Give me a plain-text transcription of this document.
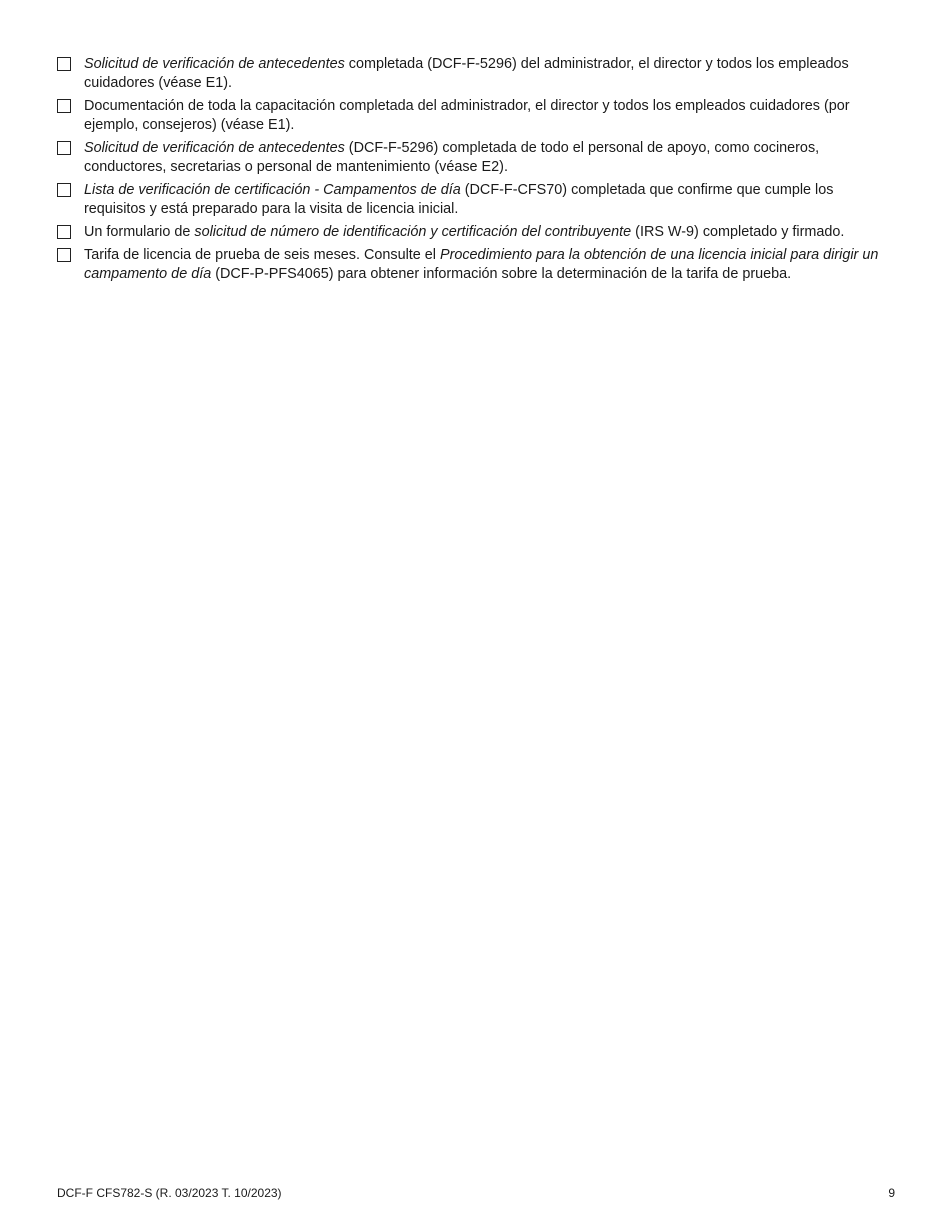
Solicitud de verificación de antecedentes completada (DCF-F-5296) del administrador, el director y todos los empleados cuidadores (véase E1).
Documentación de toda la capacitación completada del administrador, el director y todos los empleados cuidadores (por ejemplo, consejeros) (véase E1).
Solicitud de verificación de antecedentes (DCF-F-5296) completada de todo el personal de apoyo, como cocineros, conductores, secretarias o personal de mantenimiento (véase E2).
Lista de verificación de certificación - Campamentos de día (DCF-F-CFS70) completada que confirme que cumple los requisitos y está preparado para la visita de licencia inicial.
Un formulario de solicitud de número de identificación y certificación del contribuyente (IRS W-9) completado y firmado.
Tarifa de licencia de prueba de seis meses. Consulte el Procedimiento para la obtención de una licencia inicial para dirigir un campamento de día (DCF-P-PFS4065) para obtener información sobre la determinación de la tarifa de prueba.
DCF-F CFS782-S (R. 03/2023 T. 10/2023)	9
